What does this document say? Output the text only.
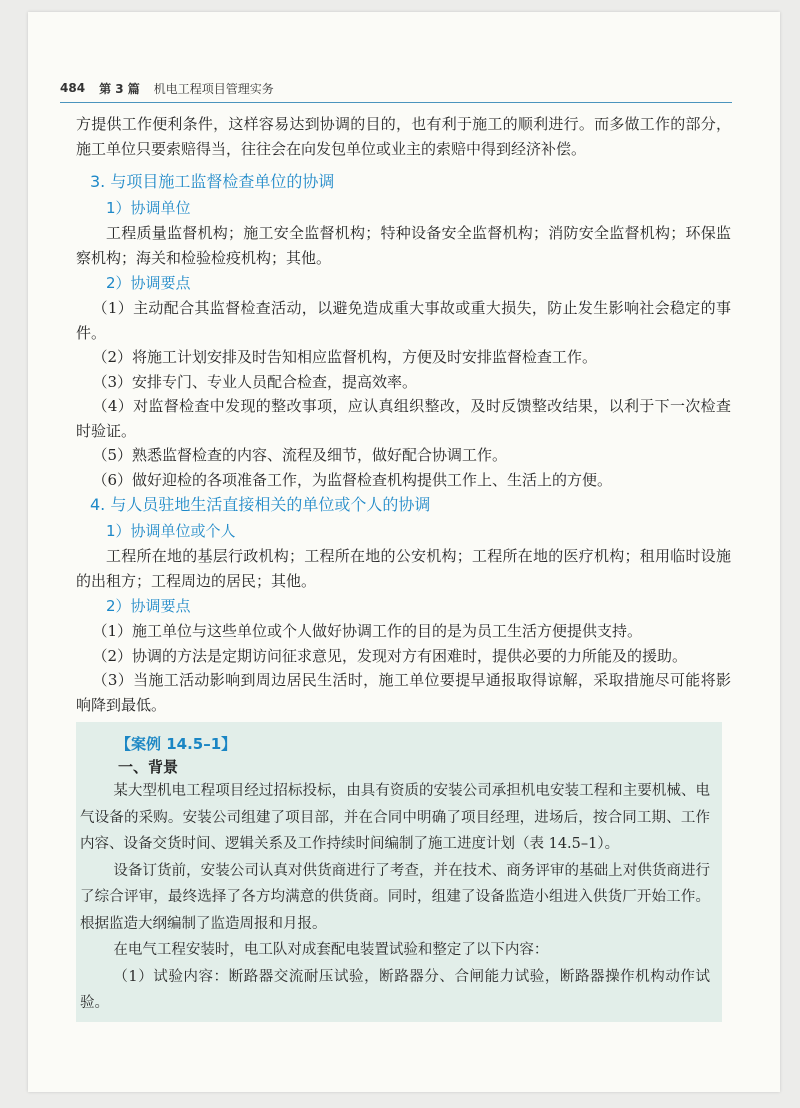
484 第 3 篇 机电工程项目管理实务

方提供工作便利条件，这样容易达到协调的目的，也有利于施工的顺利进行。而多做工作的部分，施工单位只要索赔得当，往往会在向发包单位或业主的索赔中得到经济补偿。

3. 与项目施工监督检查单位的协调
1）协调单位

工程质量监督机构；施工安全监督机构；特种设备安全监督机构；消防安全监督机构；环保监察机构；海关和检验检疫机构；其他。

2）协调要点

（1）主动配合其监督检查活动，以避免造成重大事故或重大损失，防止发生影响社会稳定的事件。

（2）将施工计划安排及时告知相应监督机构，方便及时安排监督检查工作。

（3）安排专门、专业人员配合检查，提高效率。

（4）对监督检查中发现的整改事项，应认真组织整改，及时反馈整改结果，以利于下一次检查时验证。

（5）熟悉监督检查的内容、流程及细节，做好配合协调工作。

（6）做好迎检的各项准备工作，为监督检查机构提供工作上、生活上的方便。

4. 与人员驻地生活直接相关的单位或个人的协调
1）协调单位或个人

工程所在地的基层行政机构；工程所在地的公安机构；工程所在地的医疗机构；租用临时设施的出租方；工程周边的居民；其他。

2）协调要点

（1）施工单位与这些单位或个人做好协调工作的目的是为员工生活方便提供支持。

（2）协调的方法是定期访问征求意见，发现对方有困难时，提供必要的力所能及的援助。

（3）当施工活动影响到周边居民生活时，施工单位要提早通报取得谅解，采取措施尽可能将影响降到最低。

【案例 14.5–1】
一、背景

某大型机电工程项目经过招标投标，由具有资质的安装公司承担机电安装工程和主要机械、电气设备的采购。安装公司组建了项目部，并在合同中明确了项目经理，进场后，按合同工期、工作内容、设备交货时间、逻辑关系及工作持续时间编制了施工进度计划（表 14.5–1）。

设备订货前，安装公司认真对供货商进行了考查，并在技术、商务评审的基础上对供货商进行了综合评审，最终选择了各方均满意的供货商。同时，组建了设备监造小组进入供货厂开始工作。根据监造大纲编制了监造周报和月报。

在电气工程安装时，电工队对成套配电装置试验和整定了以下内容：

（1）试验内容：断路器交流耐压试验，断路器分、合闸能力试验，断路器操作机构动作试验。
